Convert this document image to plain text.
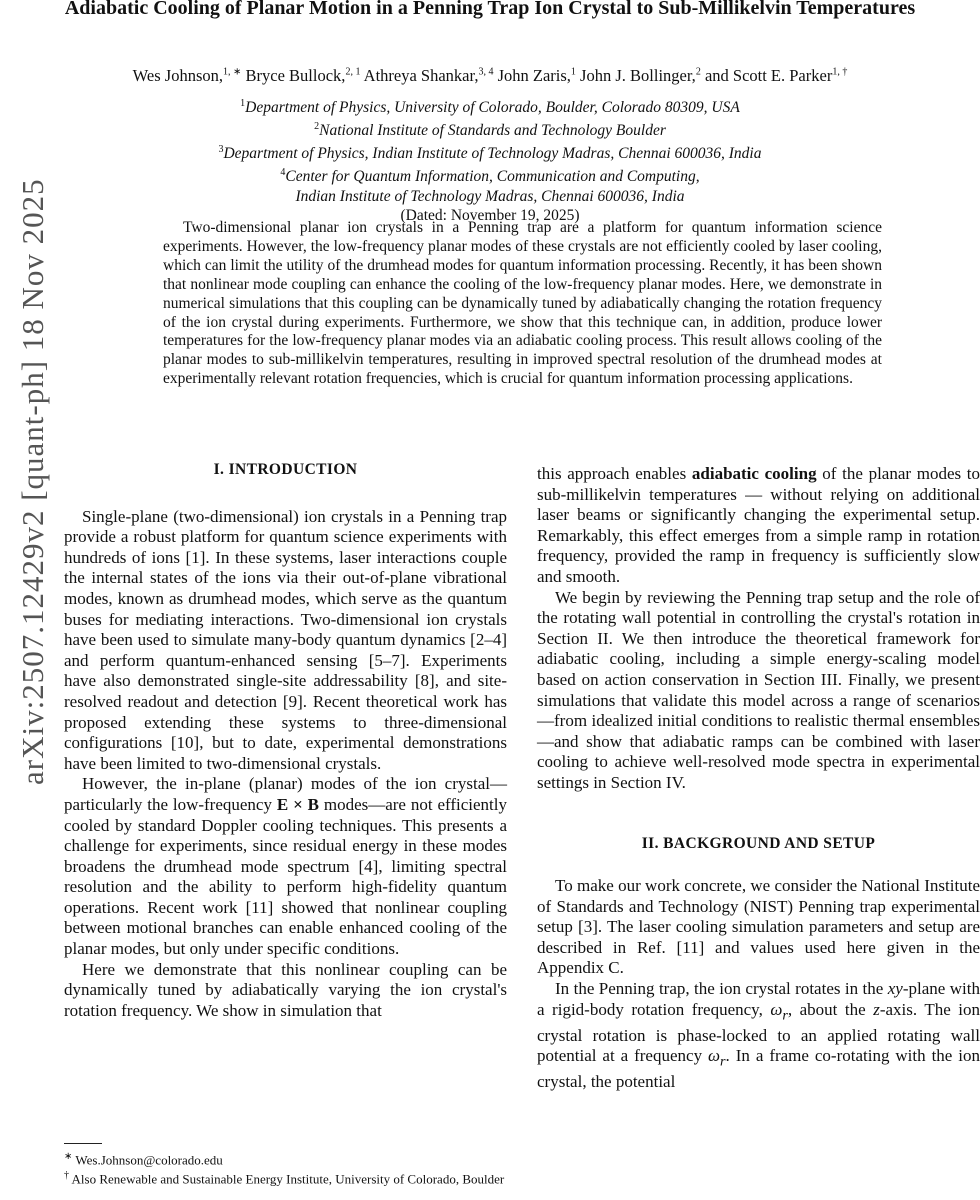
arXiv:2507.12429v2 [quant-ph] 18 Nov 2025
Adiabatic Cooling of Planar Motion in a Penning Trap Ion Crystal to Sub-Millikelvin Temperatures
Wes Johnson,$^{1, ∗}$ Bryce Bullock,$^{2, 1}$ Athreya Shankar,$^{3, 4}$ John Zaris,$^1$ John J. Bollinger,$^2$ and Scott E. Parker$^{1, \dagger}$
$^1$Department of Physics, University of Colorado, Boulder, Colorado 80309, USA
$^2$National Institute of Standards and Technology Boulder
$^3$Department of Physics, Indian Institute of Technology Madras, Chennai 600036, India
$^4$Center for Quantum Information, Communication and Computing,
Indian Institute of Technology Madras, Chennai 600036, India
(Dated: November 19, 2025)
Two-dimensional planar ion crystals in a Penning trap are a platform for quantum information science experiments. However, the low-frequency planar modes of these crystals are not efficiently cooled by laser cooling, which can limit the utility of the drumhead modes for quantum information processing. Recently, it has been shown that nonlinear mode coupling can enhance the cooling of the low-frequency planar modes. Here, we demonstrate in numerical simulations that this coupling can be dynamically tuned by adiabatically changing the rotation frequency of the ion crystal during experiments. Furthermore, we show that this technique can, in addition, produce lower temperatures for the low-frequency planar modes via an adiabatic cooling process. This result allows cooling of the planar modes to sub-millikelvin temperatures, resulting in improved spectral resolution of the drumhead modes at experimentally relevant rotation frequencies, which is crucial for quantum information processing applications.
I. INTRODUCTION

Single-plane (two-dimensional) ion crystals in a Penning trap provide a robust platform for quantum science experiments with hundreds of ions [1]. In these systems, laser interactions couple the internal states of the ions via their out-of-plane vibrational modes, known as drumhead modes, which serve as the quantum buses for mediating interactions. Two-dimensional ion crystals have been used to simulate many-body quantum dynamics [2–4] and perform quantum-enhanced sensing [5–7]. Experiments have also demonstrated single-site addressability [8], and site-resolved readout and detection [9]. Recent theoretical work has proposed extending these systems to three-dimensional configurations [10], but to date, experimental demonstrations have been limited to two-dimensional crystals.

However, the in-plane (planar) modes of the ion crystal—particularly the low-frequency E × B modes—are not efficiently cooled by standard Doppler cooling techniques. This presents a challenge for experiments, since residual energy in these modes broadens the drumhead mode spectrum [4], limiting spectral resolution and the ability to perform high-fidelity quantum operations. Recent work [11] showed that nonlinear coupling between motional branches can enable enhanced cooling of the planar modes, but only under specific conditions.

Here we demonstrate that this nonlinear coupling can be dynamically tuned by adiabatically varying the ion crystal's rotation frequency. We show in simulation that

this approach enables adiabatic cooling of the planar modes to sub-millikelvin temperatures — without relying on additional laser beams or significantly changing the experimental setup. Remarkably, this effect emerges from a simple ramp in rotation frequency, provided the ramp in frequency is sufficiently slow and smooth.

We begin by reviewing the Penning trap setup and the role of the rotating wall potential in controlling the crystal's rotation in Section II. We then introduce the theoretical framework for adiabatic cooling, including a simple energy-scaling model based on action conservation in Section III. Finally, we present simulations that validate this model across a range of scenarios—from idealized initial conditions to realistic thermal ensembles—and show that adiabatic ramps can be combined with laser cooling to achieve well-resolved mode spectra in experimental settings in Section IV.

II. BACKGROUND AND SETUP

To make our work concrete, we consider the National Institute of Standards and Technology (NIST) Penning trap experimental setup [3]. The laser cooling simulation parameters and setup are described in Ref. [11] and values used here given in the Appendix C.

In the Penning trap, the ion crystal rotates in the xy-plane with a rigid-body rotation frequency, $\omega_r$, about the z-axis. The ion crystal rotation is phase-locked to an applied rotating wall potential at a frequency $\omega_r$. In a frame co-rotating with the ion crystal, the potential

∗ Wes.Johnson@colorado.edu
† Also Renewable and Sustainable Energy Institute, University of Colorado, Boulder
